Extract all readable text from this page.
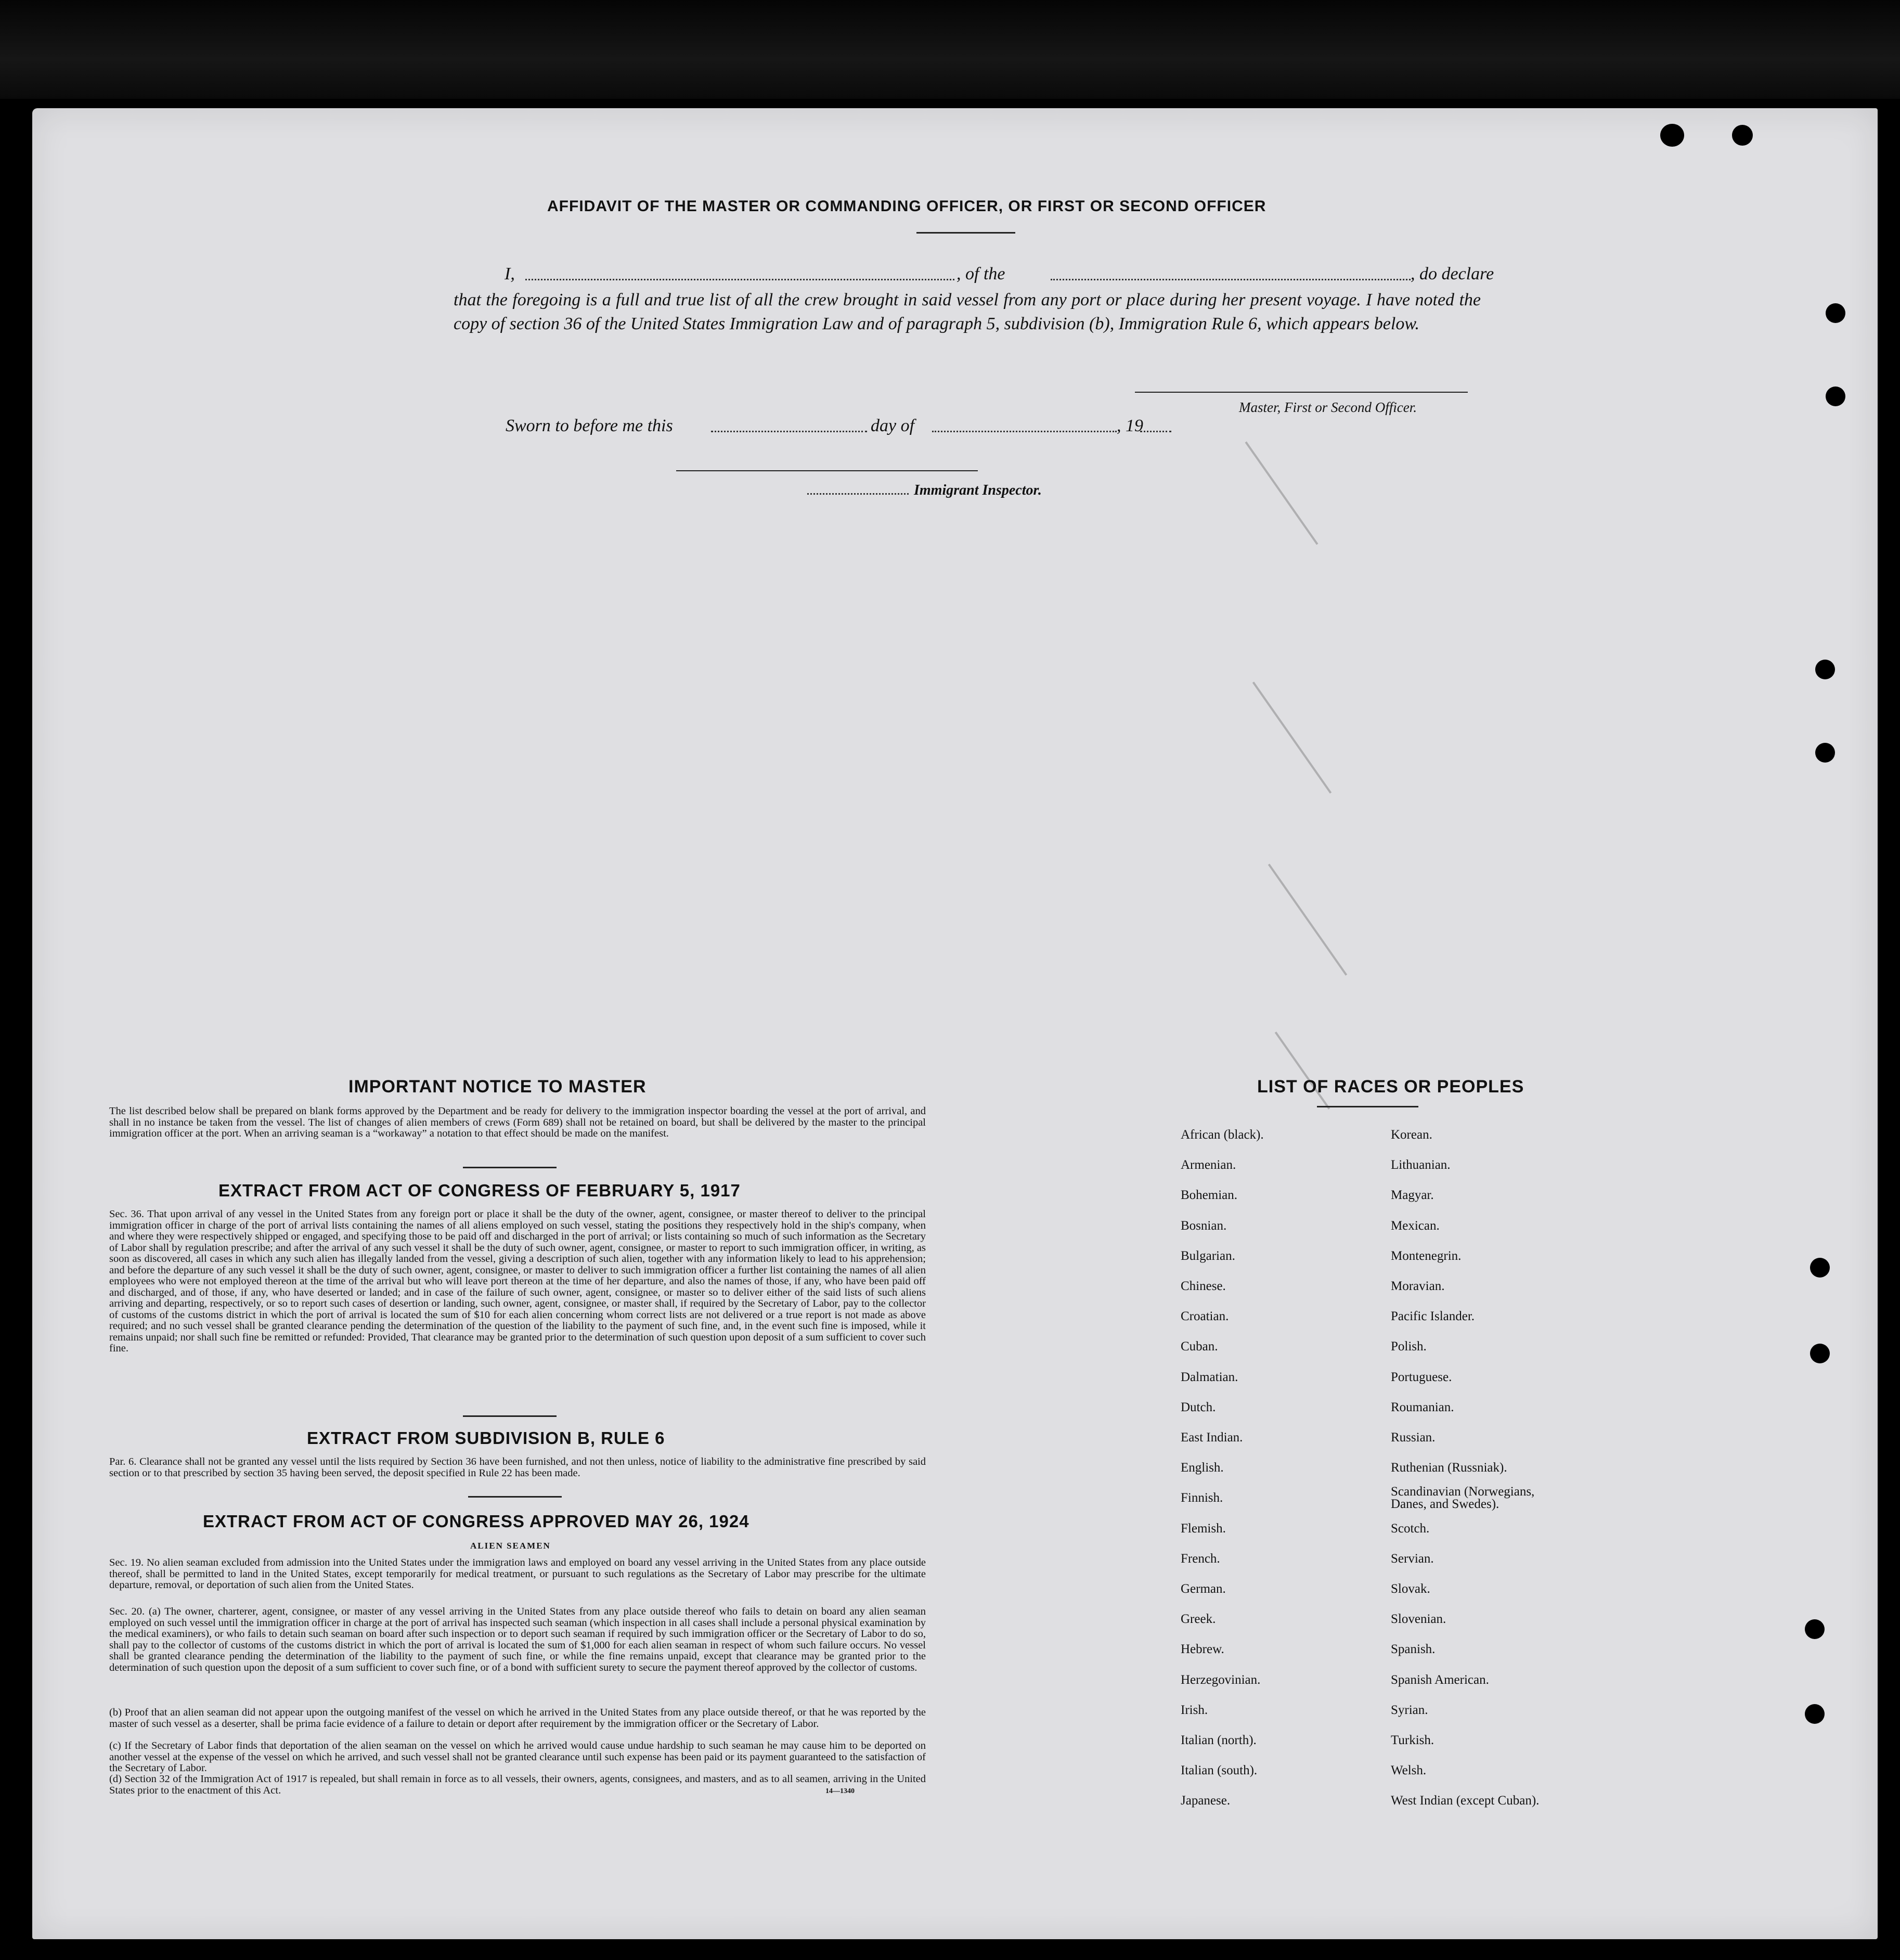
AFFIDAVIT OF THE MASTER OR COMMANDING OFFICER, OR FIRST OR SECOND OFFICER
I,	, of the	, do declare
that the foregoing is a full and true list of all the crew brought in said vessel from any port or place during her present voyage. I have noted the copy of section 36 of the United States Immigration Law and of paragraph 5, subdivision (b), Immigration Rule 6, which appears below.
Master, First or Second Officer.
Sworn to before me this	day of	, 19
Immigrant Inspector.
IMPORTANT NOTICE TO MASTER
The list described below shall be prepared on blank forms approved by the Department and be ready for delivery to the immigration inspector boarding the vessel at the port of arrival, and shall in no instance be taken from the vessel. The list of changes of alien members of crews (Form 689) shall not be retained on board, but shall be delivered by the master to the principal immigration officer at the port. When an arriving seaman is a “workaway” a notation to that effect should be made on the manifest.
EXTRACT FROM ACT OF CONGRESS OF FEBRUARY 5, 1917
Sec. 36. That upon arrival of any vessel in the United States from any foreign port or place it shall be the duty of the owner, agent, consignee, or master thereof to deliver to the principal immigration officer in charge of the port of arrival lists containing the names of all aliens employed on such vessel, stating the positions they respectively hold in the ship's company, when and where they were respectively shipped or engaged, and specifying those to be paid off and discharged in the port of arrival; or lists containing so much of such information as the Secretary of Labor shall by regulation prescribe; and after the arrival of any such vessel it shall be the duty of such owner, agent, consignee, or master to report to such immigration officer, in writing, as soon as discovered, all cases in which any such alien has illegally landed from the vessel, giving a description of such alien, together with any information likely to lead to his apprehension; and before the departure of any such vessel it shall be the duty of such owner, agent, consignee, or master to deliver to such immigration officer a further list containing the names of all alien employees who were not employed thereon at the time of the arrival but who will leave port thereon at the time of her departure, and also the names of those, if any, who have been paid off and discharged, and of those, if any, who have deserted or landed; and in case of the failure of such owner, agent, consignee, or master so to deliver either of the said lists of such aliens arriving and departing, respectively, or so to report such cases of desertion or landing, such owner, agent, consignee, or master shall, if required by the Secretary of Labor, pay to the collector of customs of the customs district in which the port of arrival is located the sum of $10 for each alien concerning whom correct lists are not delivered or a true report is not made as above required; and no such vessel shall be granted clearance pending the determination of the question of the liability to the payment of such fine, and, in the event such fine is imposed, while it remains unpaid; nor shall such fine be remitted or refunded: Provided, That clearance may be granted prior to the determination of such question upon deposit of a sum sufficient to cover such fine.
EXTRACT FROM SUBDIVISION B, RULE 6
Par. 6. Clearance shall not be granted any vessel until the lists required by Section 36 have been furnished, and not then unless, notice of liability to the administrative fine prescribed by said section or to that prescribed by section 35 having been served, the deposit specified in Rule 22 has been made.
EXTRACT FROM ACT OF CONGRESS APPROVED MAY 26, 1924
ALIEN SEAMEN
Sec. 19. No alien seaman excluded from admission into the United States under the immigration laws and employed on board any vessel arriving in the United States from any place outside thereof, shall be permitted to land in the United States, except temporarily for medical treatment, or pursuant to such regulations as the Secretary of Labor may prescribe for the ultimate departure, removal, or deportation of such alien from the United States.
Sec. 20. (a) The owner, charterer, agent, consignee, or master of any vessel arriving in the United States from any place outside thereof who fails to detain on board any alien seaman employed on such vessel until the immigration officer in charge at the port of arrival has inspected such seaman (which inspection in all cases shall include a personal physical examination by the medical examiners), or who fails to detain such seaman on board after such inspection or to deport such seaman if required by such immigration officer or the Secretary of Labor to do so, shall pay to the collector of customs of the customs district in which the port of arrival is located the sum of $1,000 for each alien seaman in respect of whom such failure occurs. No vessel shall be granted clearance pending the determination of the liability to the payment of such fine, or while the fine remains unpaid, except that clearance may be granted prior to the determination of such question upon the deposit of a sum sufficient to cover such fine, or of a bond with sufficient surety to secure the payment thereof approved by the collector of customs.
(b) Proof that an alien seaman did not appear upon the outgoing manifest of the vessel on which he arrived in the United States from any place outside thereof, or that he was reported by the master of such vessel as a deserter, shall be prima facie evidence of a failure to detain or deport after requirement by the immigration officer or the Secretary of Labor.
(c) If the Secretary of Labor finds that deportation of the alien seaman on the vessel on which he arrived would cause undue hardship to such seaman he may cause him to be deported on another vessel at the expense of the vessel on which he arrived, and such vessel shall not be granted clearance until such expense has been paid or its payment guaranteed to the satisfaction of the Secretary of Labor.
(d) Section 32 of the Immigration Act of 1917 is repealed, but shall remain in force as to all vessels, their owners, agents, consignees, and masters, and as to all seamen, arriving in the United States prior to the enactment of this Act.	14—1340
LIST OF RACES OR PEOPLES
African (black).	Korean.
Armenian.	Lithuanian.
Bohemian.	Magyar.
Bosnian.	Mexican.
Bulgarian.	Montenegrin.
Chinese.	Moravian.
Croatian.	Pacific Islander.
Cuban.	Polish.
Dalmatian.	Portuguese.
Dutch.	Roumanian.
East Indian.	Russian.
English.	Ruthenian (Russniak).
Finnish.	Scandinavian (Norwegians, Danes, and Swedes).
Flemish.	Scotch.
French.	Servian.
German.	Slovak.
Greek.	Slovenian.
Hebrew.	Spanish.
Herzegovinian.	Spanish American.
Irish.	Syrian.
Italian (north).	Turkish.
Italian (south).	Welsh.
Japanese.	West Indian (except Cuban).
